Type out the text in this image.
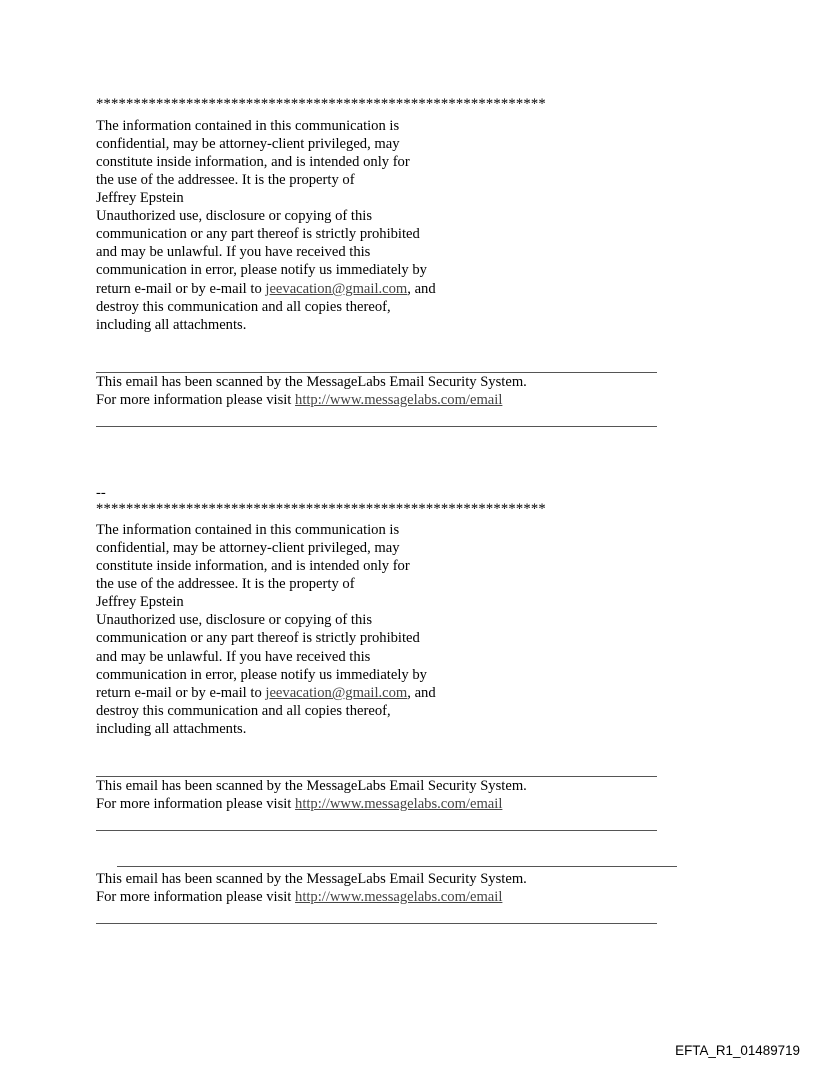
************************************************************
The information contained in this communication is
confidential, may be attorney-client privileged, may
constitute inside information, and is intended only for
the use of the addressee. It is the property of
Jeffrey Epstein
Unauthorized use, disclosure or copying of this
communication or any part thereof is strictly prohibited
and may be unlawful. If you have received this
communication in error, please notify us immediately by
return e-mail or by e-mail to jeevacation@gmail.com, and
destroy this communication and all copies thereof,
including all attachments.
This email has been scanned by the MessageLabs Email Security System.
For more information please visit http://www.messagelabs.com/email
--
************************************************************
The information contained in this communication is
confidential, may be attorney-client privileged, may
constitute inside information, and is intended only for
the use of the addressee. It is the property of
Jeffrey Epstein
Unauthorized use, disclosure or copying of this
communication or any part thereof is strictly prohibited
and may be unlawful. If you have received this
communication in error, please notify us immediately by
return e-mail or by e-mail to jeevacation@gmail.com, and
destroy this communication and all copies thereof,
including all attachments.
This email has been scanned by the MessageLabs Email Security System.
For more information please visit http://www.messagelabs.com/email
This email has been scanned by the MessageLabs Email Security System.
For more information please visit http://www.messagelabs.com/email
EFTA_R1_01489719
